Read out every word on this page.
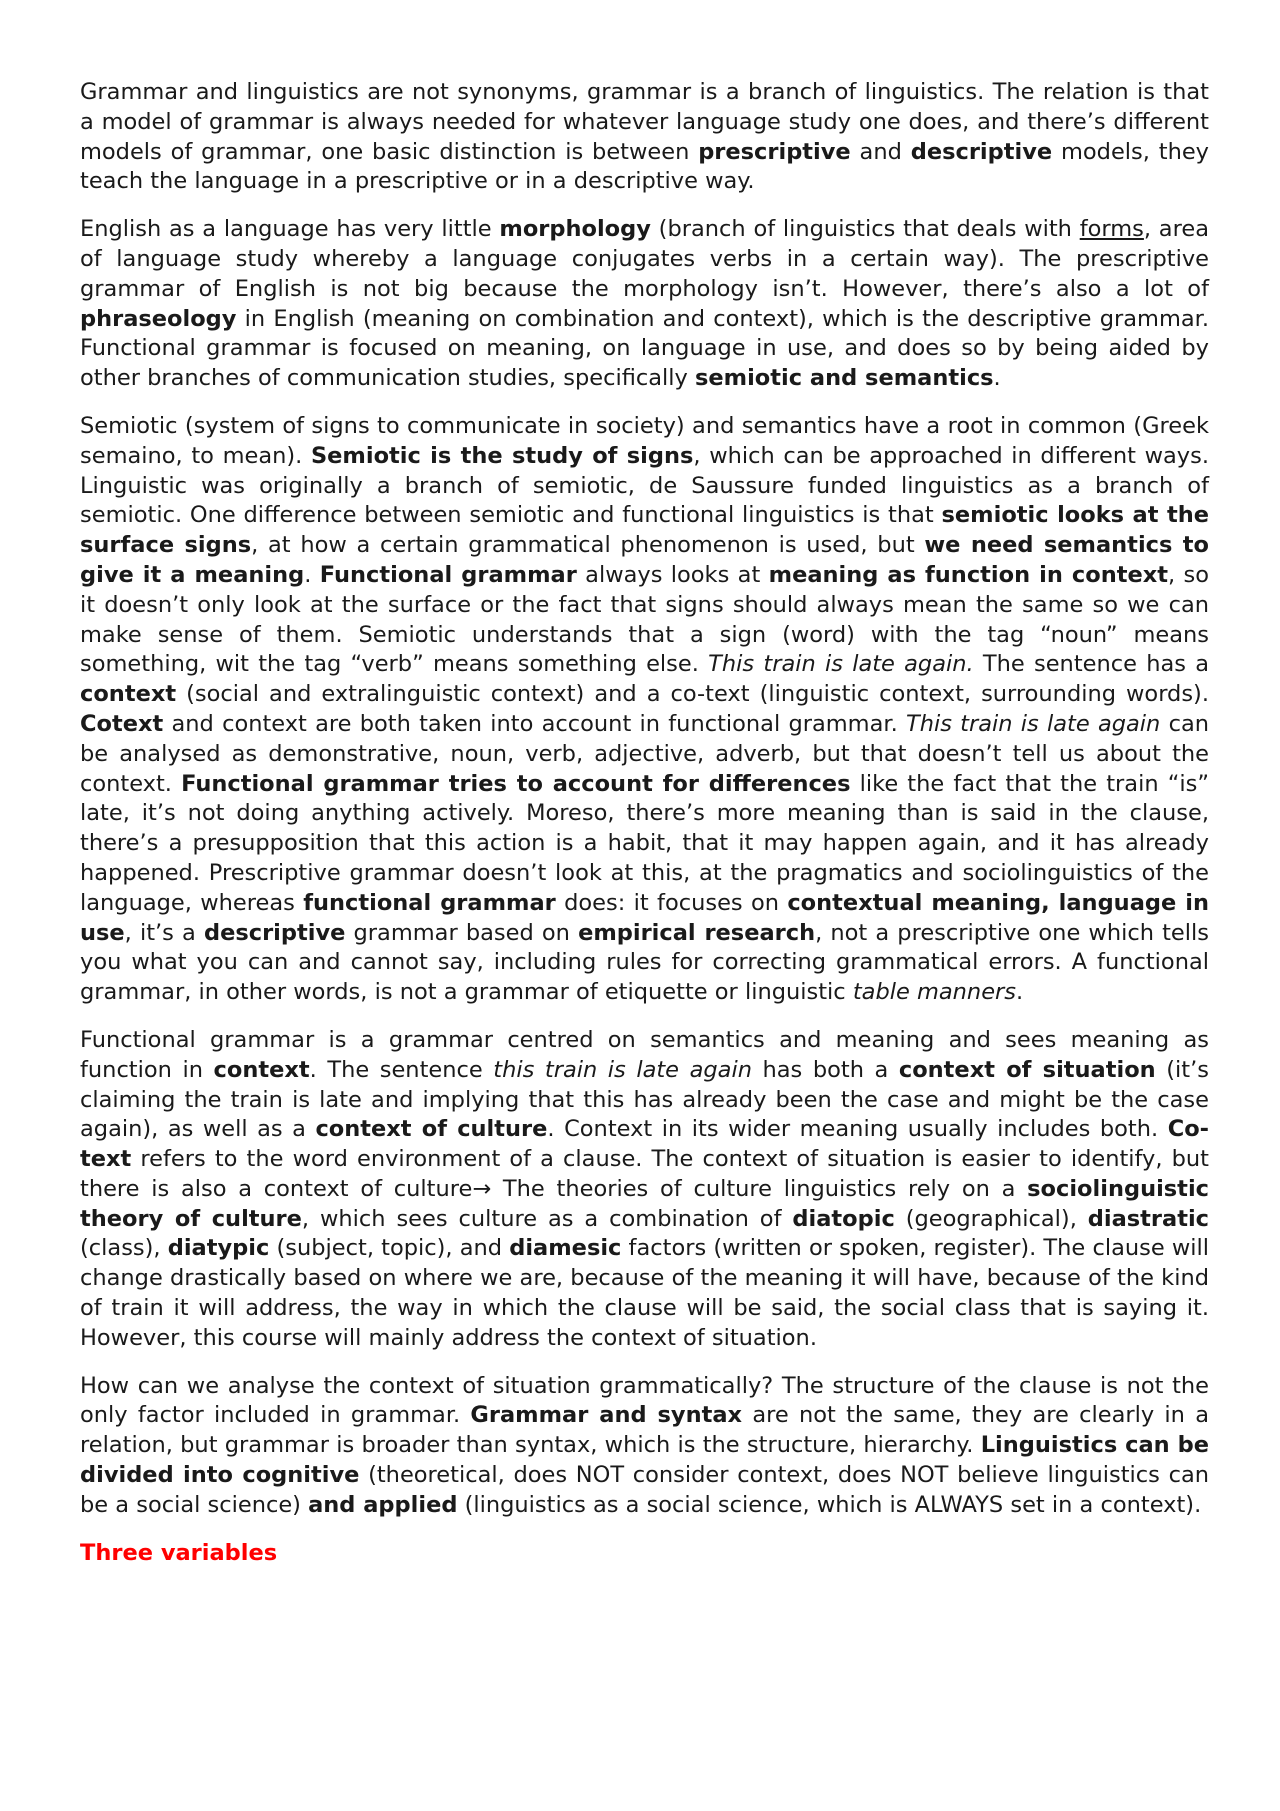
Grammar and linguistics are not synonyms, grammar is a branch of linguistics. The relation is that a model of grammar is always needed for whatever language study one does, and there’s different models of grammar, one basic distinction is between prescriptive and descriptive models, they teach the language in a prescriptive or in a descriptive way.

English as a language has very little morphology (branch of linguistics that deals with forms, area of language study whereby a language conjugates verbs in a certain way). The prescriptive grammar of English is not big because the morphology isn’t. However, there’s also a lot of phraseology in English (meaning on combination and context), which is the descriptive grammar. Functional grammar is focused on meaning, on language in use, and does so by being aided by other branches of communication studies, specifically semiotic and semantics.

Semiotic (system of signs to communicate in society) and semantics have a root in common (Greek semaino, to mean). Semiotic is the study of signs, which can be approached in different ways. Linguistic was originally a branch of semiotic, de Saussure funded linguistics as a branch of semiotic. One difference between semiotic and functional linguistics is that semiotic looks at the surface signs, at how a certain grammatical phenomenon is used, but we need semantics to give it a meaning. Functional grammar always looks at meaning as function in context, so it doesn’t only look at the surface or the fact that signs should always mean the same so we can make sense of them. Semiotic understands that a sign (word) with the tag “noun” means something, wit the tag “verb” means something else. This train is late again. The sentence has a context (social and extralinguistic context) and a co-text (linguistic context, surrounding words). Cotext and context are both taken into account in functional grammar. This train is late again can be analysed as demonstrative, noun, verb, adjective, adverb, but that doesn’t tell us about the context. Functional grammar tries to account for differences like the fact that the train “is” late, it’s not doing anything actively. Moreso, there’s more meaning than is said in the clause, there’s a presupposition that this action is a habit, that it may happen again, and it has already happened. Prescriptive grammar doesn’t look at this, at the pragmatics and sociolinguistics of the language, whereas functional grammar does: it focuses on contextual meaning, language in use, it’s a descriptive grammar based on empirical research, not a prescriptive one which tells you what you can and cannot say, including rules for correcting grammatical errors. A functional grammar, in other words, is not a grammar of etiquette or linguistic table manners.

Functional grammar is a grammar centred on semantics and meaning and sees meaning as function in context. The sentence this train is late again has both a context of situation (it’s claiming the train is late and implying that this has already been the case and might be the case again), as well as a context of culture. Context in its wider meaning usually includes both. Co-text refers to the word environment of a clause. The context of situation is easier to identify, but there is also a context of culture→ The theories of culture linguistics rely on a sociolinguistic theory of culture, which sees culture as a combination of diatopic (geographical), diastratic (class), diatypic (subject, topic), and diamesic factors (written or spoken, register). The clause will change drastically based on where we are, because of the meaning it will have, because of the kind of train it will address, the way in which the clause will be said, the social class that is saying it. However, this course will mainly address the context of situation.

How can we analyse the context of situation grammatically? The structure of the clause is not the only factor included in grammar. Grammar and syntax are not the same, they are clearly in a relation, but grammar is broader than syntax, which is the structure, hierarchy. Linguistics can be divided into cognitive (theoretical, does NOT consider context, does NOT believe linguistics can be a social science) and applied (linguistics as a social science, which is ALWAYS set in a context).

Three variables
